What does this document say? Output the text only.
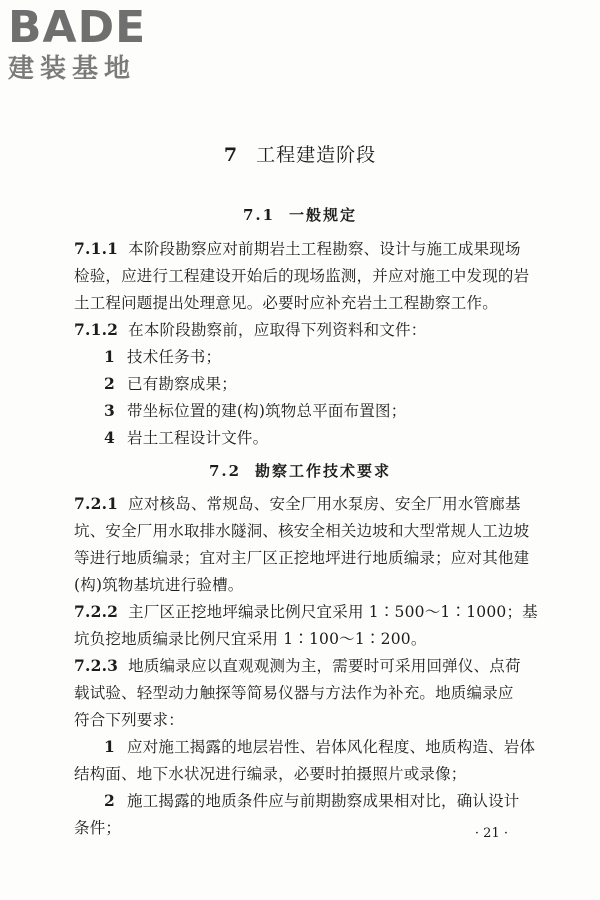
BADE
建装基地
7 工程建造阶段
7.1 一般规定
7.1.1 本阶段勘察应对前期岩土工程勘察、设计与施工成果现场
检验，应进行工程建设开始后的现场监测，并应对施工中发现的岩
土工程问题提出处理意见。必要时应补充岩土工程勘察工作。
7.1.2 在本阶段勘察前，应取得下列资料和文件：
1 技术任务书；
2 已有勘察成果；
3 带坐标位置的建(构)筑物总平面布置图；
4 岩土工程设计文件。
7.2 勘察工作技术要求
7.2.1 应对核岛、常规岛、安全厂用水泵房、安全厂用水管廊基
坑、安全厂用水取排水隧洞、核安全相关边坡和大型常规人工边坡
等进行地质编录；宜对主厂区正挖地坪进行地质编录；应对其他建
(构)筑物基坑进行验槽。
7.2.2 主厂区正挖地坪编录比例尺宜采用 1∶500～1∶1000；基
坑负挖地质编录比例尺宜采用 1∶100～1∶200。
7.2.3 地质编录应以直观观测为主，需要时可采用回弹仪、点荷
载试验、轻型动力触探等简易仪器与方法作为补充。地质编录应
符合下列要求：
1 应对施工揭露的地层岩性、岩体风化程度、地质构造、岩体
结构面、地下水状况进行编录，必要时拍摄照片或录像；
2 施工揭露的地质条件应与前期勘察成果相对比，确认设计
条件；	· 21 ·
